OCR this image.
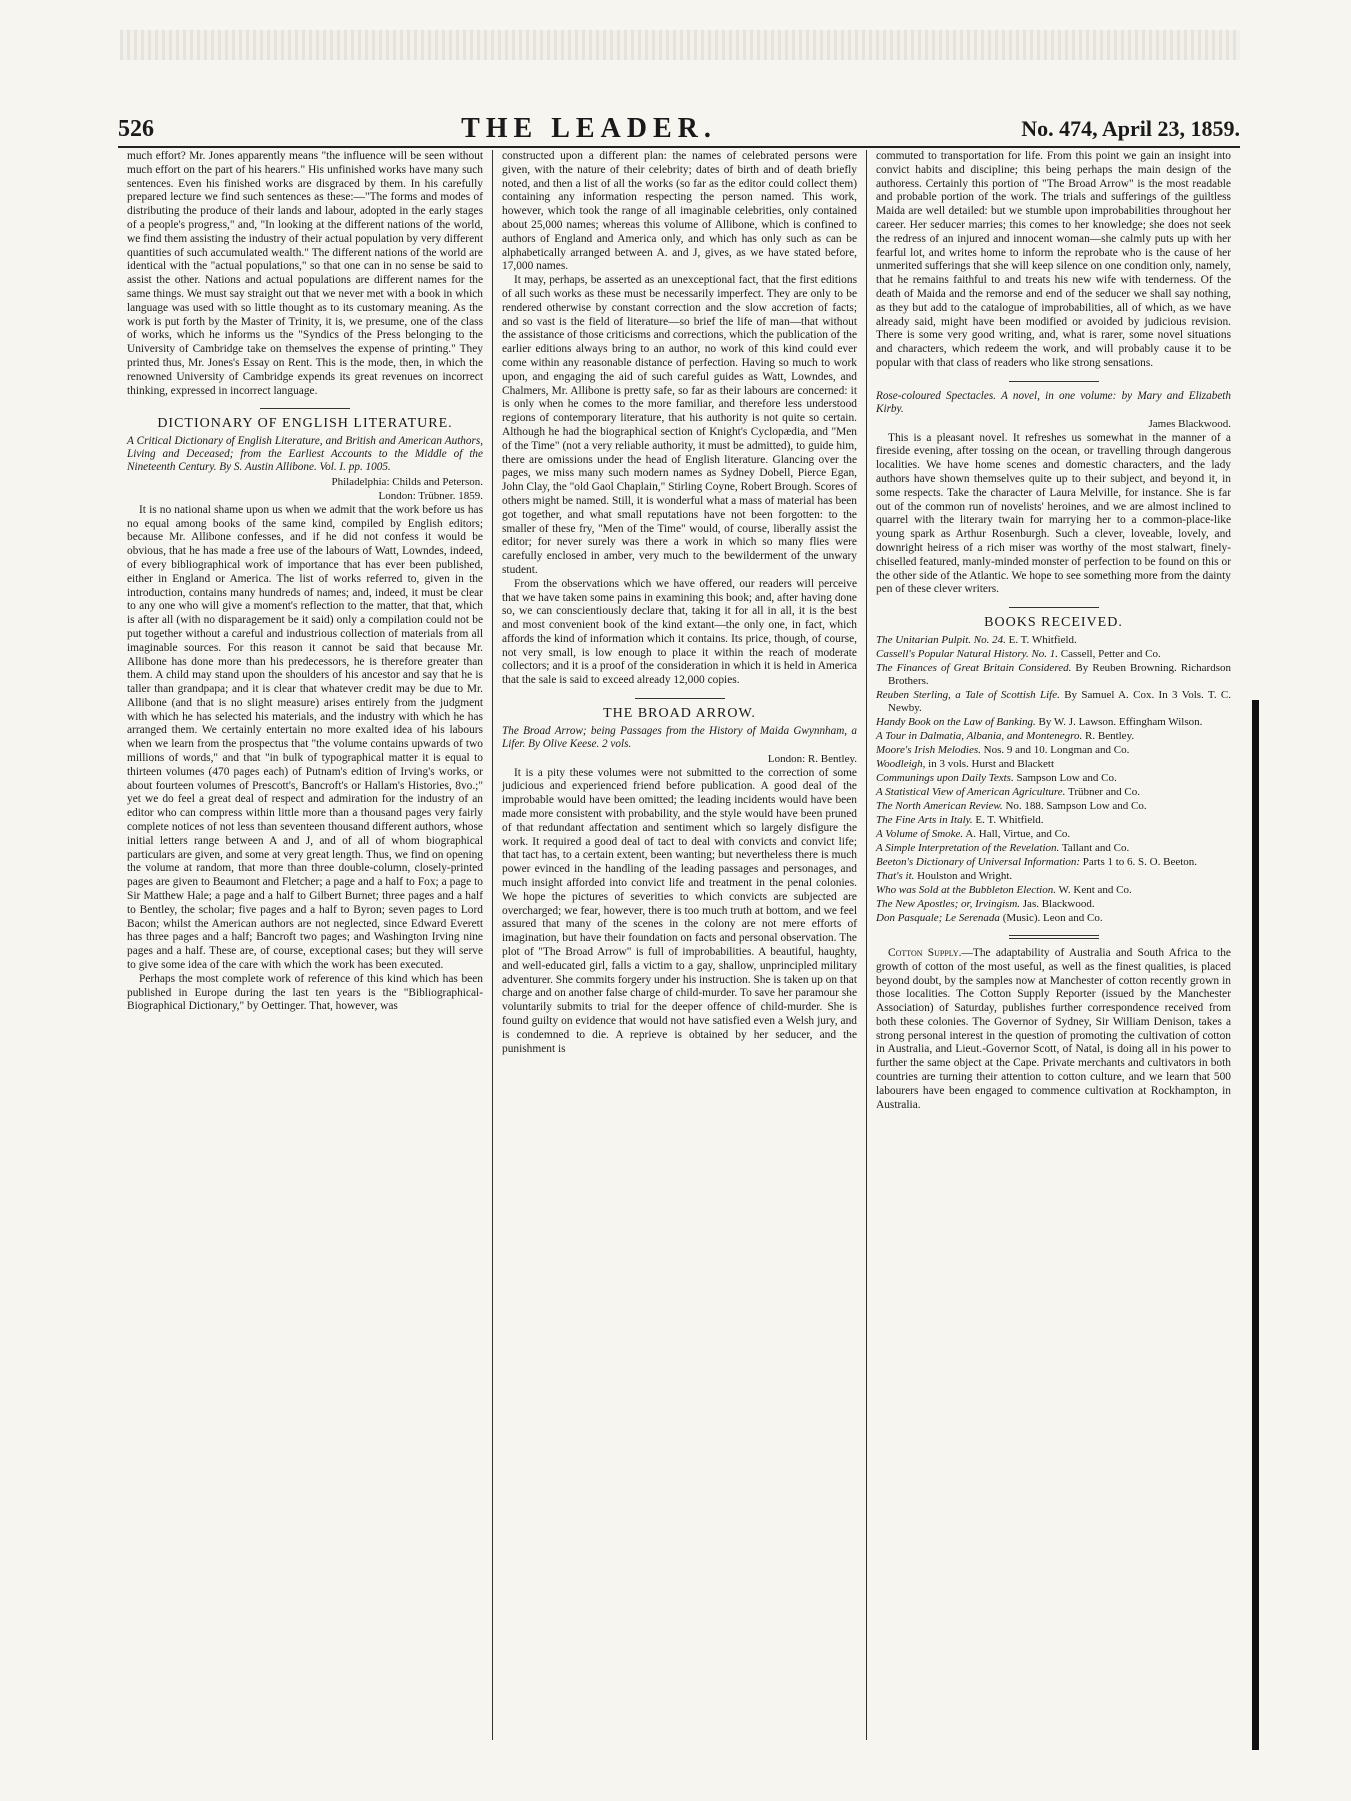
526	THE LEADER.	No. 474, April 23, 1859.

much effort? Mr. Jones apparently means "the influence will be seen without much effort on the part of his hearers." His unfinished works have many such sentences. Even his finished works are disgraced by them. In his carefully prepared lecture we find such sentences as these:—"The forms and modes of distributing the produce of their lands and labour, adopted in the early stages of a people's progress," and, "In looking at the different nations of the world, we find them assisting the industry of their actual population by very different quantities of such accumulated wealth." The different nations of the world are identical with the "actual populations," so that one can in no sense be said to assist the other. Nations and actual populations are different names for the same things. We must say straight out that we never met with a book in which language was used with so little thought as to its customary meaning. As the work is put forth by the Master of Trinity, it is, we presume, one of the class of works, which he informs us the "Syndics of the Press belonging to the University of Cambridge take on themselves the expense of printing." They printed thus, Mr. Jones's Essay on Rent. This is the mode, then, in which the renowned University of Cambridge expends its great revenues on incorrect thinking, expressed in incorrect language.

DICTIONARY OF ENGLISH LITERATURE.

A Critical Dictionary of English Literature, and British and American Authors, Living and Deceased; from the Earliest Accounts to the Middle of the Nineteenth Century. By S. Austin Allibone. Vol. I. pp. 1005.

Philadelphia: Childs and Peterson.

London: Trübner. 1859.

It is no national shame upon us when we admit that the work before us has no equal among books of the same kind, compiled by English editors; because Mr. Allibone confesses, and if he did not confess it would be obvious, that he has made a free use of the labours of Watt, Lowndes, indeed, of every bibliographical work of importance that has ever been published, either in England or America. The list of works referred to, given in the introduction, contains many hundreds of names; and, indeed, it must be clear to any one who will give a moment's reflection to the matter, that that, which is after all (with no disparagement be it said) only a compilation could not be put together without a careful and industrious collection of materials from all imaginable sources. For this reason it cannot be said that because Mr. Allibone has done more than his predecessors, he is therefore greater than them. A child may stand upon the shoulders of his ancestor and say that he is taller than grandpapa; and it is clear that whatever credit may be due to Mr. Allibone (and that is no slight measure) arises entirely from the judgment with which he has selected his materials, and the industry with which he has arranged them. We certainly entertain no more exalted idea of his labours when we learn from the prospectus that "the volume contains upwards of two millions of words," and that "in bulk of typographical matter it is equal to thirteen volumes (470 pages each) of Putnam's edition of Irving's works, or about fourteen volumes of Prescott's, Bancroft's or Hallam's Histories, 8vo.;" yet we do feel a great deal of respect and admiration for the industry of an editor who can compress within little more than a thousand pages very fairly complete notices of not less than seventeen thousand different authors, whose initial letters range between A and J, and of all of whom biographical particulars are given, and some at very great length. Thus, we find on opening the volume at random, that more than three double-column, closely-printed pages are given to Beaumont and Fletcher; a page and a half to Fox; a page to Sir Matthew Hale; a page and a half to Gilbert Burnet; three pages and a half to Bentley, the scholar; five pages and a half to Byron; seven pages to Lord Bacon; whilst the American authors are not neglected, since Edward Everett has three pages and a half; Bancroft two pages; and Washington Irving nine pages and a half. These are, of course, exceptional cases; but they will serve to give some idea of the care with which the work has been executed.

Perhaps the most complete work of reference of this kind which has been published in Europe during the last ten years is the "Bibliographical-Biographical Dictionary," by Oettinger. That, however, was

constructed upon a different plan: the names of celebrated persons were given, with the nature of their celebrity; dates of birth and of death briefly noted, and then a list of all the works (so far as the editor could collect them) containing any information respecting the person named. This work, however, which took the range of all imaginable celebrities, only contained about 25,000 names; whereas this volume of Allibone, which is confined to authors of England and America only, and which has only such as can be alphabetically arranged between A. and J, gives, as we have stated before, 17,000 names.

It may, perhaps, be asserted as an unexceptional fact, that the first editions of all such works as these must be necessarily imperfect. They are only to be rendered otherwise by constant correction and the slow accretion of facts; and so vast is the field of literature—so brief the life of man—that without the assistance of those criticisms and corrections, which the publication of the earlier editions always bring to an author, no work of this kind could ever come within any reasonable distance of perfection. Having so much to work upon, and engaging the aid of such careful guides as Watt, Lowndes, and Chalmers, Mr. Allibone is pretty safe, so far as their labours are concerned: it is only when he comes to the more familiar, and therefore less understood regions of contemporary literature, that his authority is not quite so certain. Although he had the biographical section of Knight's Cyclopædia, and "Men of the Time" (not a very reliable authority, it must be admitted), to guide him, there are omissions under the head of English literature. Glancing over the pages, we miss many such modern names as Sydney Dobell, Pierce Egan, John Clay, the "old Gaol Chaplain," Stirling Coyne, Robert Brough. Scores of others might be named. Still, it is wonderful what a mass of material has been got together, and what small reputations have not been forgotten: to the smaller of these fry, "Men of the Time" would, of course, liberally assist the editor; for never surely was there a work in which so many flies were carefully enclosed in amber, very much to the bewilderment of the unwary student.

From the observations which we have offered, our readers will perceive that we have taken some pains in examining this book; and, after having done so, we can conscientiously declare that, taking it for all in all, it is the best and most convenient book of the kind extant—the only one, in fact, which affords the kind of information which it contains. Its price, though, of course, not very small, is low enough to place it within the reach of moderate collectors; and it is a proof of the consideration in which it is held in America that the sale is said to exceed already 12,000 copies.

THE BROAD ARROW.

The Broad Arrow; being Passages from the History of Maida Gwynnham, a Lifer. By Olive Keese. 2 vols.

London: R. Bentley.

It is a pity these volumes were not submitted to the correction of some judicious and experienced friend before publication. A good deal of the improbable would have been omitted; the leading incidents would have been made more consistent with probability, and the style would have been pruned of that redundant affectation and sentiment which so largely disfigure the work. It required a good deal of tact to deal with convicts and convict life; that tact has, to a certain extent, been wanting; but nevertheless there is much power evinced in the handling of the leading passages and personages, and much insight afforded into convict life and treatment in the penal colonies. We hope the pictures of severities to which convicts are subjected are overcharged; we fear, however, there is too much truth at bottom, and we feel assured that many of the scenes in the colony are not mere efforts of imagination, but have their foundation on facts and personal observation. The plot of "The Broad Arrow" is full of improbabilities. A beautiful, haughty, and well-educated girl, falls a victim to a gay, shallow, unprincipled military adventurer. She commits forgery under his instruction. She is taken up on that charge and on another false charge of child-murder. To save her paramour she voluntarily submits to trial for the deeper offence of child-murder. She is found guilty on evidence that would not have satisfied even a Welsh jury, and is condemned to die. A reprieve is obtained by her seducer, and the punishment is

commuted to transportation for life. From this point we gain an insight into convict habits and discipline; this being perhaps the main design of the authoress. Certainly this portion of "The Broad Arrow" is the most readable and probable portion of the work. The trials and sufferings of the guiltless Maida are well detailed: but we stumble upon improbabilities throughout her career. Her seducer marries; this comes to her knowledge; she does not seek the redress of an injured and innocent woman—she calmly puts up with her fearful lot, and writes home to inform the reprobate who is the cause of her unmerited sufferings that she will keep silence on one condition only, namely, that he remains faithful to and treats his new wife with tenderness. Of the death of Maida and the remorse and end of the seducer we shall say nothing, as they but add to the catalogue of improbabilities, all of which, as we have already said, might have been modified or avoided by judicious revision. There is some very good writing, and, what is rarer, some novel situations and characters, which redeem the work, and will probably cause it to be popular with that class of readers who like strong sensations.

Rose-coloured Spectacles. A novel, in one volume: by Mary and Elizabeth Kirby.

James Blackwood.

This is a pleasant novel. It refreshes us somewhat in the manner of a fireside evening, after tossing on the ocean, or travelling through dangerous localities. We have home scenes and domestic characters, and the lady authors have shown themselves quite up to their subject, and beyond it, in some respects. Take the character of Laura Melville, for instance. She is far out of the common run of novelists' heroines, and we are almost inclined to quarrel with the literary twain for marrying her to a common-place-like young spark as Arthur Rosenburgh. Such a clever, loveable, lovely, and downright heiress of a rich miser was worthy of the most stalwart, finely-chiselled featured, manly-minded monster of perfection to be found on this or the other side of the Atlantic. We hope to see something more from the dainty pen of these clever writers.

BOOKS RECEIVED.

The Unitarian Pulpit. No. 24. E. T. Whitfield.

Cassell's Popular Natural History. No. 1. Cassell, Petter and Co.

The Finances of Great Britain Considered. By Reuben Browning. Richardson Brothers.

Reuben Sterling, a Tale of Scottish Life. By Samuel A. Cox. In 3 Vols. T. C. Newby.

Handy Book on the Law of Banking. By W. J. Lawson. Effingham Wilson.

A Tour in Dalmatia, Albania, and Montenegro. R. Bentley.

Moore's Irish Melodies. Nos. 9 and 10. Longman and Co.

Woodleigh, in 3 vols. Hurst and Blackett

Communings upon Daily Texts. Sampson Low and Co.

A Statistical View of American Agriculture. Trübner and Co.

The North American Review. No. 188. Sampson Low and Co.

The Fine Arts in Italy. E. T. Whitfield.

A Volume of Smoke. A. Hall, Virtue, and Co.

A Simple Interpretation of the Revelation. Tallant and Co.

Beeton's Dictionary of Universal Information: Parts 1 to 6. S. O. Beeton.

That's it. Houlston and Wright.

Who was Sold at the Bubbleton Election. W. Kent and Co.

The New Apostles; or, Irvingism. Jas. Blackwood.

Don Pasquale; Le Serenada (Music). Leon and Co.

Cotton Supply.—The adaptability of Australia and South Africa to the growth of cotton of the most useful, as well as the finest qualities, is placed beyond doubt, by the samples now at Manchester of cotton recently grown in those localities. The Cotton Supply Reporter (issued by the Manchester Association) of Saturday, publishes further correspondence received from both these colonies. The Governor of Sydney, Sir William Denison, takes a strong personal interest in the question of promoting the cultivation of cotton in Australia, and Lieut.-Governor Scott, of Natal, is doing all in his power to further the same object at the Cape. Private merchants and cultivators in both countries are turning their attention to cotton culture, and we learn that 500 labourers have been engaged to commence cultivation at Rockhampton, in Australia.
